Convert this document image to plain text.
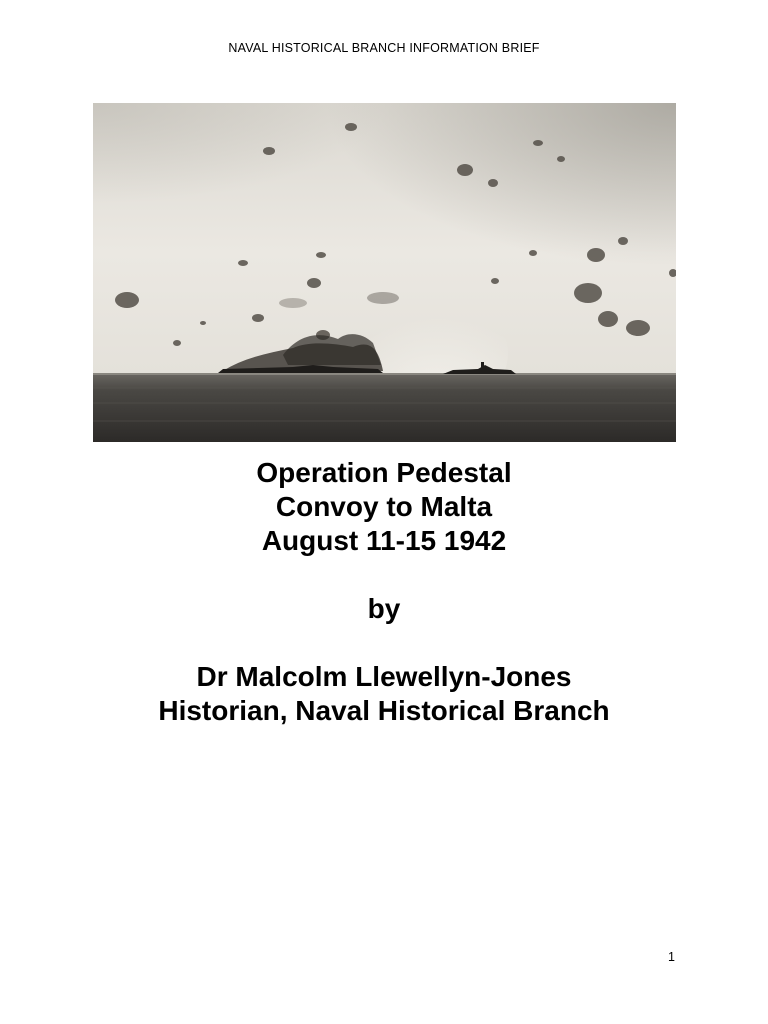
NAVAL HISTORICAL BRANCH INFORMATION BRIEF
Operation Pedestal
Convoy to Malta
August 11-15 1942
by
Dr Malcolm Llewellyn-Jones
Historian, Naval Historical Branch
1
